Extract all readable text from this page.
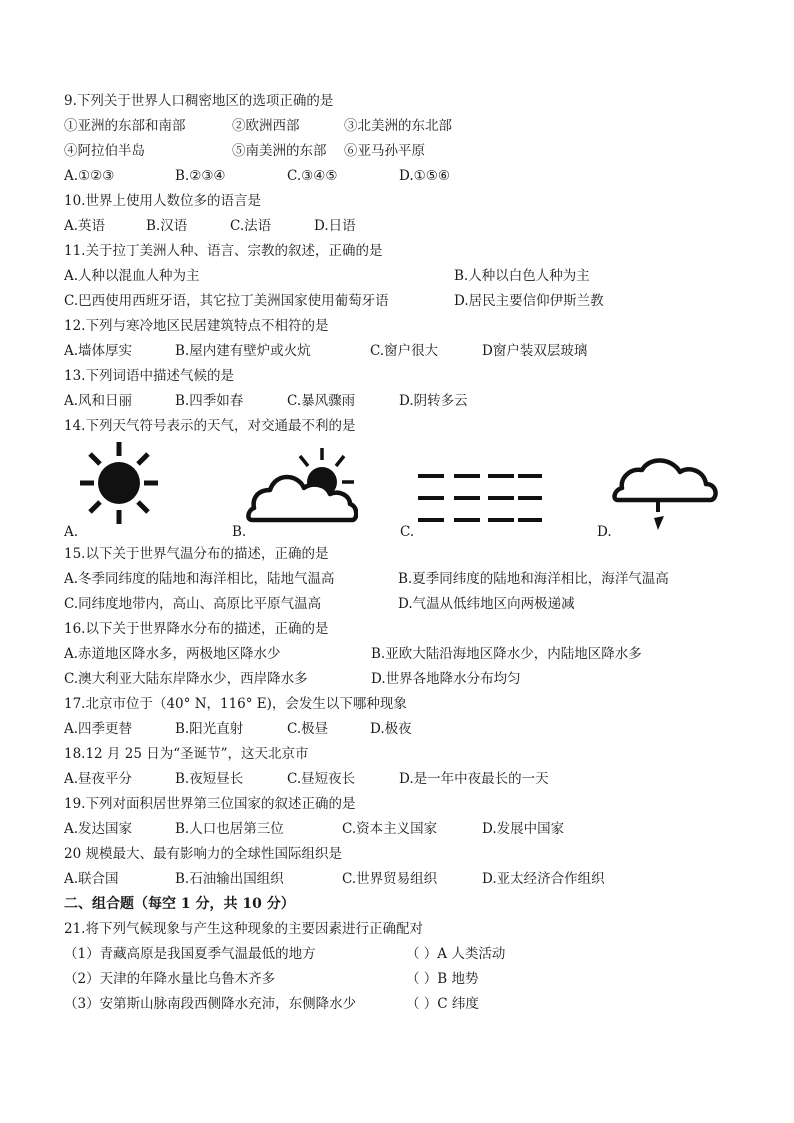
9.下列关于世界人口稠密地区的选项正确的是
①亚洲的东部和南部	②欧洲西部	③北美洲的东北部
④阿拉伯半岛	⑤南美洲的东部 ⑥亚马孙平原
A.①②③	B.②③④	C.③④⑤	D.①⑤⑥
10.世界上使用人数位多的语言是
A.英语	B.汉语	C.法语	D.日语
11.关于拉丁美洲人种、语言、宗教的叙述，正确的是
A.人种以混血人种为主	B.人种以白色人种为主
C.巴西使用西班牙语，其它拉丁美洲国家使用葡萄牙语	D.居民主要信仰伊斯兰教
12.下列与寒冷地区民居建筑特点不相符的是
A.墙体厚实	B.屋内建有壁炉或火炕	C.窗户很大	D窗户装双层玻璃
13.下列词语中描述气候的是
A.风和日丽	B.四季如春	C.暴风骤雨	D.阴转多云
14.下列天气符号表示的天气，对交通最不利的是
A.	B.	C.	D.
15.以下关于世界气温分布的描述，正确的是
A.冬季同纬度的陆地和海洋相比，陆地气温高	B.夏季同纬度的陆地和海洋相比，海洋气温高
C.同纬度地带内，高山、高原比平原气温高	D.气温从低纬地区向两极递减
16.以下关于世界降水分布的描述，正确的是
A.赤道地区降水多，两极地区降水少	B.亚欧大陆沿海地区降水少，内陆地区降水多
C.澳大利亚大陆东岸降水少，西岸降水多	D.世界各地降水分布均匀
17.北京市位于（40° N，116° E)，会发生以下哪种现象
A.四季更替	B.阳光直射	C.极昼	D.极夜
18.12 月 25 日为“圣诞节”，这天北京市
A.昼夜平分	B.夜短昼长	C.昼短夜长	D.是一年中夜最长的一天
19.下列对面积居世界第三位国家的叙述正确的是
A.发达国家	B.人口也居第三位	C.资本主义国家	D.发展中国家
20 规模最大、最有影响力的全球性国际组织是
A.联合国	B.石油输出国组织	C.世界贸易组织	D.亚太经济合作组织
二、组合题（每空 1 分，共 10 分）
21.将下列气候现象与产生这种现象的主要因素进行正确配对
（1）青藏高原是我国夏季气温最低的地方	（ ）A 人类活动
（2）天津的年降水量比乌鲁木齐多	（ ）B 地势
（3）安第斯山脉南段西侧降水充沛，东侧降水少	（ ）C 纬度
